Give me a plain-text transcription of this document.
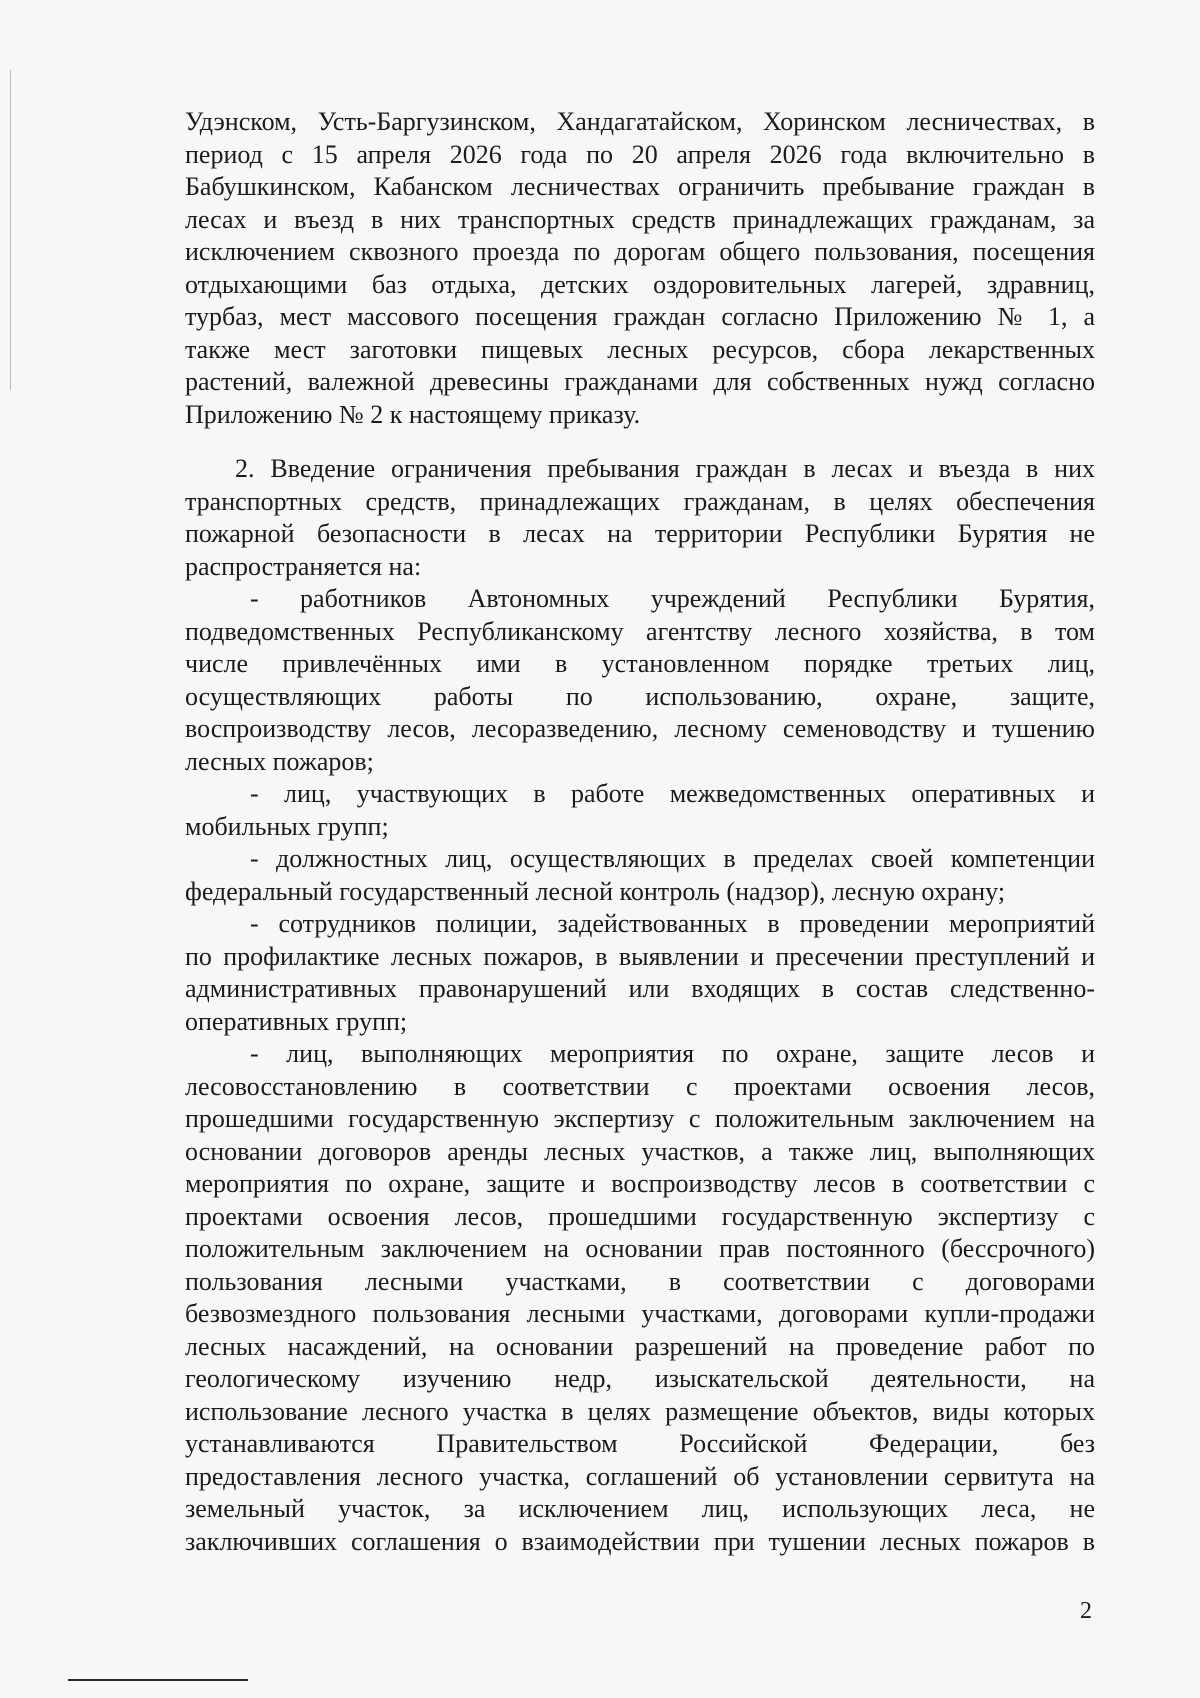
Удэнском, Усть-Баргузинском, Хандагатайском, Хоринском лесничествах, в
период с 15 апреля 2026 года по 20 апреля 2026 года включительно в
Бабушкинском, Кабанском лесничествах ограничить пребывание граждан в
лесах и въезд в них транспортных средств принадлежащих гражданам, за
исключением сквозного проезда по дорогам общего пользования, посещения
отдыхающими баз отдыха, детских оздоровительных лагерей, здравниц,
турбаз, мест массового посещения граждан согласно Приложению № 1, а
также мест заготовки пищевых лесных ресурсов, сбора лекарственных
растений, валежной древесины гражданами для собственных нужд согласно
Приложению № 2 к настоящему приказу.
2. Введение ограничения пребывания граждан в лесах и въезда в них
транспортных средств, принадлежащих гражданам, в целях обеспечения
пожарной безопасности в лесах на территории Республики Бурятия не
распространяется на:
- работников Автономных учреждений Республики Бурятия,
подведомственных Республиканскому агентству лесного хозяйства, в том
числе привлечённых ими в установленном порядке третьих лиц,
осуществляющих работы по использованию, охране, защите,
воспроизводству лесов, лесоразведению, лесному семеноводству и тушению
лесных пожаров;
- лиц, участвующих в работе межведомственных оперативных и
мобильных групп;
- должностных лиц, осуществляющих в пределах своей компетенции
федеральный государственный лесной контроль (надзор), лесную охрану;
- сотрудников полиции, задействованных в проведении мероприятий
по профилактике лесных пожаров, в выявлении и пресечении преступлений и
административных правонарушений или входящих в состав следственно-
оперативных групп;
- лиц, выполняющих мероприятия по охране, защите лесов и
лесовосстановлению в соответствии с проектами освоения лесов,
прошедшими государственную экспертизу с положительным заключением на
основании договоров аренды лесных участков, а также лиц, выполняющих
мероприятия по охране, защите и воспроизводству лесов в соответствии с
проектами освоения лесов, прошедшими государственную экспертизу с
положительным заключением на основании прав постоянного (бессрочного)
пользования лесными участками, в соответствии с договорами
безвозмездного пользования лесными участками, договорами купли-продажи
лесных насаждений, на основании разрешений на проведение работ по
геологическому изучению недр, изыскательской деятельности, на
использование лесного участка в целях размещение объектов, виды которых
устанавливаются Правительством Российской Федерации, без
предоставления лесного участка, соглашений об установлении сервитута на
земельный участок, за исключением лиц, использующих леса, не
заключивших соглашения о взаимодействии при тушении лесных пожаров в
2
